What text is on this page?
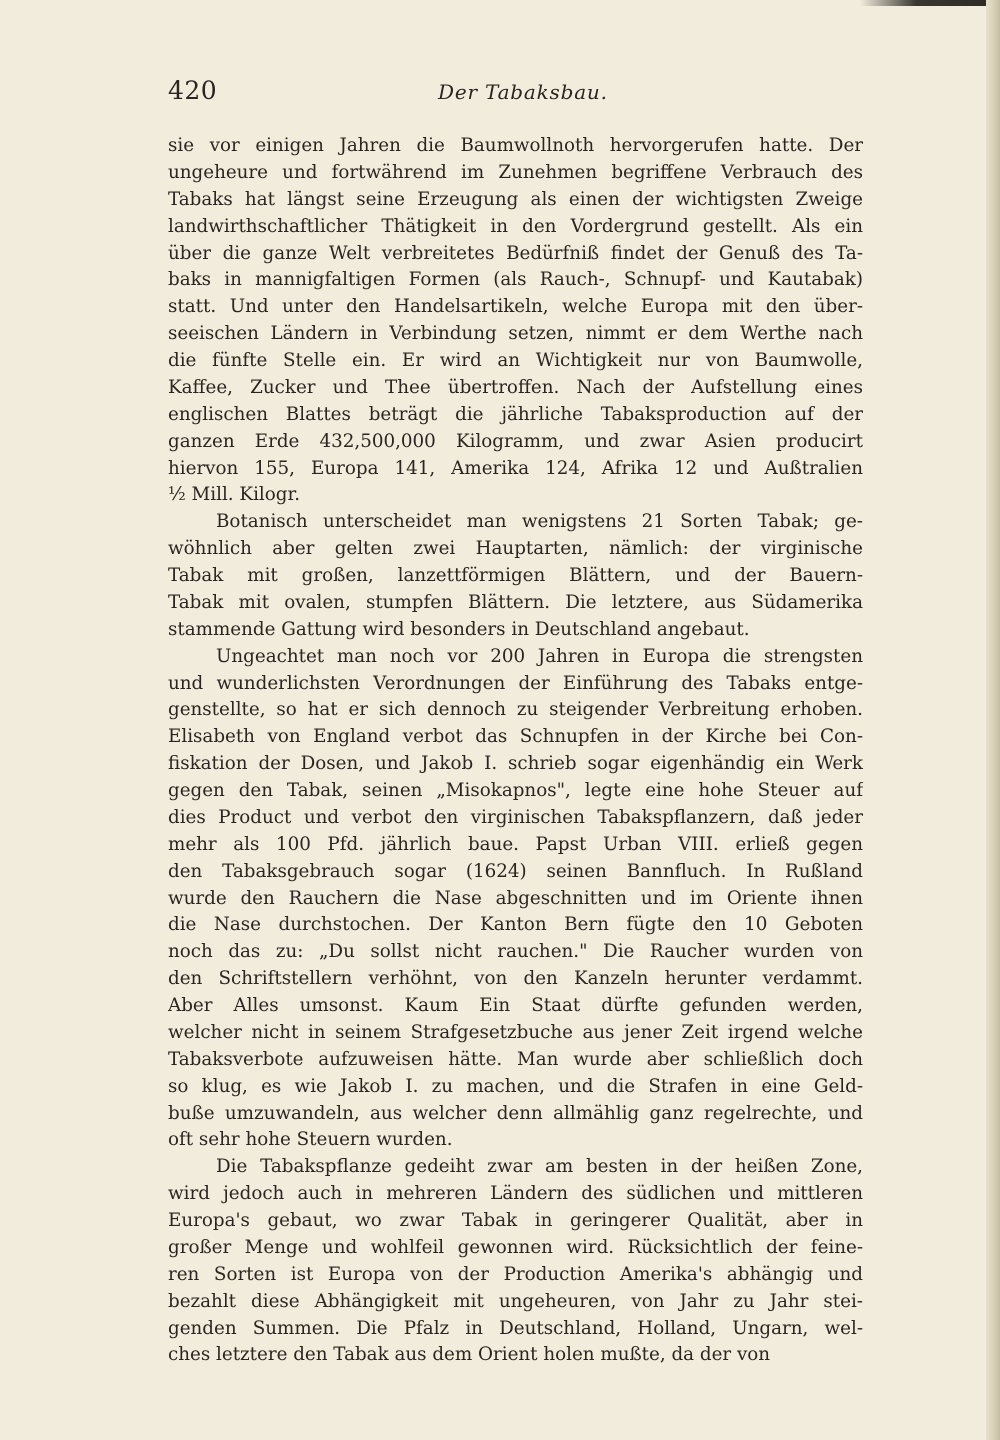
420	Der Tabaksbau.
sie vor einigen Jahren die Baumwollnoth hervorgerufen hatte. Der
ungeheure und fortwährend im Zunehmen begriffene Verbrauch des
Tabaks hat längst seine Erzeugung als einen der wichtigsten Zweige
landwirthschaftlicher Thätigkeit in den Vordergrund gestellt. Als ein
über die ganze Welt verbreitetes Bedürfniß findet der Genuß des Ta-
baks in mannigfaltigen Formen (als Rauch-, Schnupf- und Kautabak)
statt. Und unter den Handelsartikeln, welche Europa mit den über-
seeischen Ländern in Verbindung setzen, nimmt er dem Werthe nach
die fünfte Stelle ein. Er wird an Wichtigkeit nur von Baumwolle,
Kaffee, Zucker und Thee übertroffen. Nach der Aufstellung eines
englischen Blattes beträgt die jährliche Tabaksproduction auf der
ganzen Erde 432,500,000 Kilogramm, und zwar Asien producirt
hiervon 155, Europa 141, Amerika 124, Afrika 12 und Außtralien
½ Mill. Kilogr.
Botanisch unterscheidet man wenigstens 21 Sorten Tabak; ge-
wöhnlich aber gelten zwei Hauptarten, nämlich: der virginische
Tabak mit großen, lanzettförmigen Blättern, und der Bauern-
Tabak mit ovalen, stumpfen Blättern. Die letztere, aus Südamerika
stammende Gattung wird besonders in Deutschland angebaut.
Ungeachtet man noch vor 200 Jahren in Europa die strengsten
und wunderlichsten Verordnungen der Einführung des Tabaks entge-
genstellte, so hat er sich dennoch zu steigender Verbreitung erhoben.
Elisabeth von England verbot das Schnupfen in der Kirche bei Con-
fiskation der Dosen, und Jakob I. schrieb sogar eigenhändig ein Werk
gegen den Tabak, seinen „Misokapnos", legte eine hohe Steuer auf
dies Product und verbot den virginischen Tabakspflanzern, daß jeder
mehr als 100 Pfd. jährlich baue. Papst Urban VIII. erließ gegen
den Tabaksgebrauch sogar (1624) seinen Bannfluch. In Rußland
wurde den Rauchern die Nase abgeschnitten und im Oriente ihnen
die Nase durchstochen. Der Kanton Bern fügte den 10 Geboten
noch das zu: „Du sollst nicht rauchen." Die Raucher wurden von
den Schriftstellern verhöhnt, von den Kanzeln herunter verdammt.
Aber Alles umsonst. Kaum Ein Staat dürfte gefunden werden,
welcher nicht in seinem Strafgesetzbuche aus jener Zeit irgend welche
Tabaksverbote aufzuweisen hätte. Man wurde aber schließlich doch
so klug, es wie Jakob I. zu machen, und die Strafen in eine Geld-
buße umzuwandeln, aus welcher denn allmählig ganz regelrechte, und
oft sehr hohe Steuern wurden.
Die Tabakspflanze gedeiht zwar am besten in der heißen Zone,
wird jedoch auch in mehreren Ländern des südlichen und mittleren
Europa's gebaut, wo zwar Tabak in geringerer Qualität, aber in
großer Menge und wohlfeil gewonnen wird. Rücksichtlich der feine-
ren Sorten ist Europa von der Production Amerika's abhängig und
bezahlt diese Abhängigkeit mit ungeheuren, von Jahr zu Jahr stei-
genden Summen. Die Pfalz in Deutschland, Holland, Ungarn, wel-
ches letztere den Tabak aus dem Orient holen mußte, da der von
